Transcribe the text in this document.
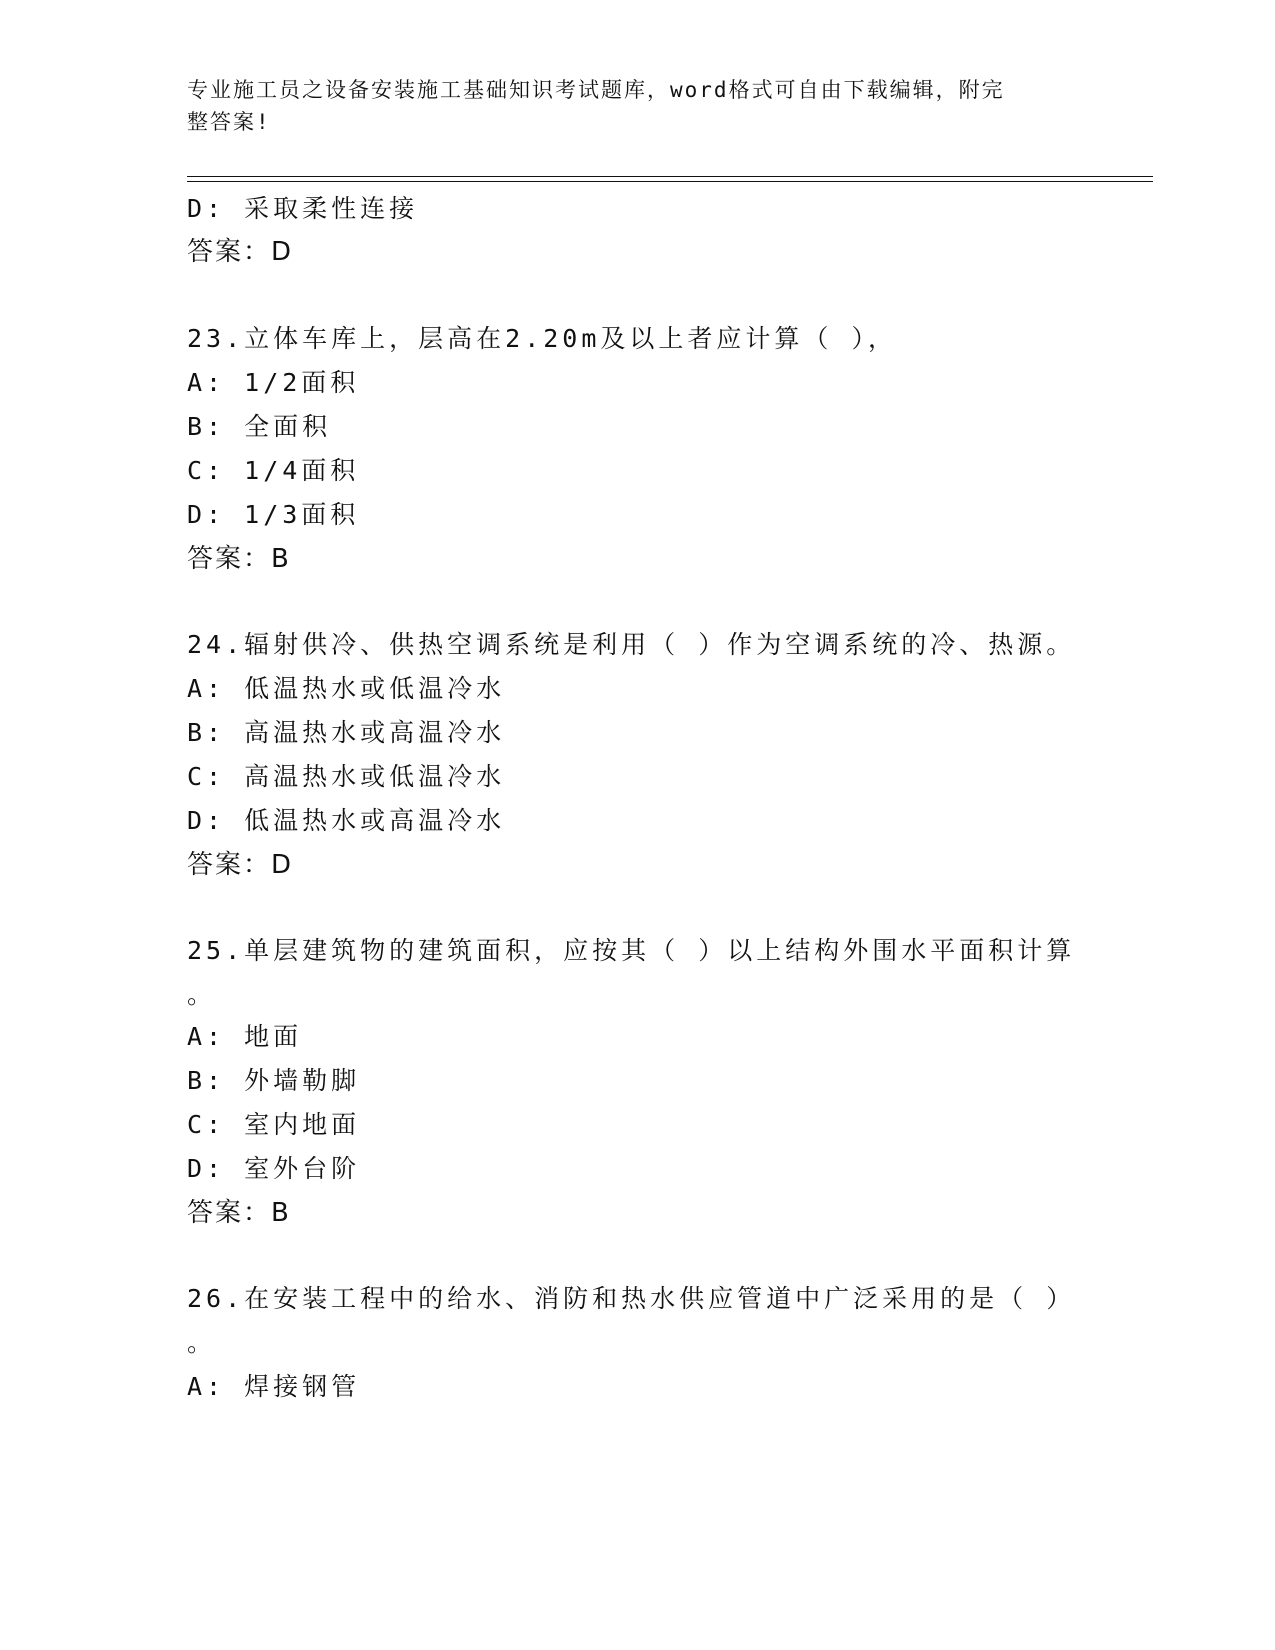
专业施工员之设备安装施工基础知识考试题库，word格式可自由下载编辑，附完
整答案!
D: 采取柔性连接
答案：D
23.立体车库上，层高在2.20m及以上者应计算（ ），
A: 1/2面积
B: 全面积
C: 1/4面积
D: 1/3面积
答案：B
24.辐射供冷、供热空调系统是利用（ ）作为空调系统的冷、热源。
A: 低温热水或低温冷水
B: 高温热水或高温冷水
C: 高温热水或低温冷水
D: 低温热水或高温冷水
答案：D
25.单层建筑物的建筑面积，应按其（ ）以上结构外围水平面积计算
。
A: 地面
B: 外墙勒脚
C: 室内地面
D: 室外台阶
答案：B
26.在安装工程中的给水、消防和热水供应管道中广泛采用的是（ ）
。
A: 焊接钢管
